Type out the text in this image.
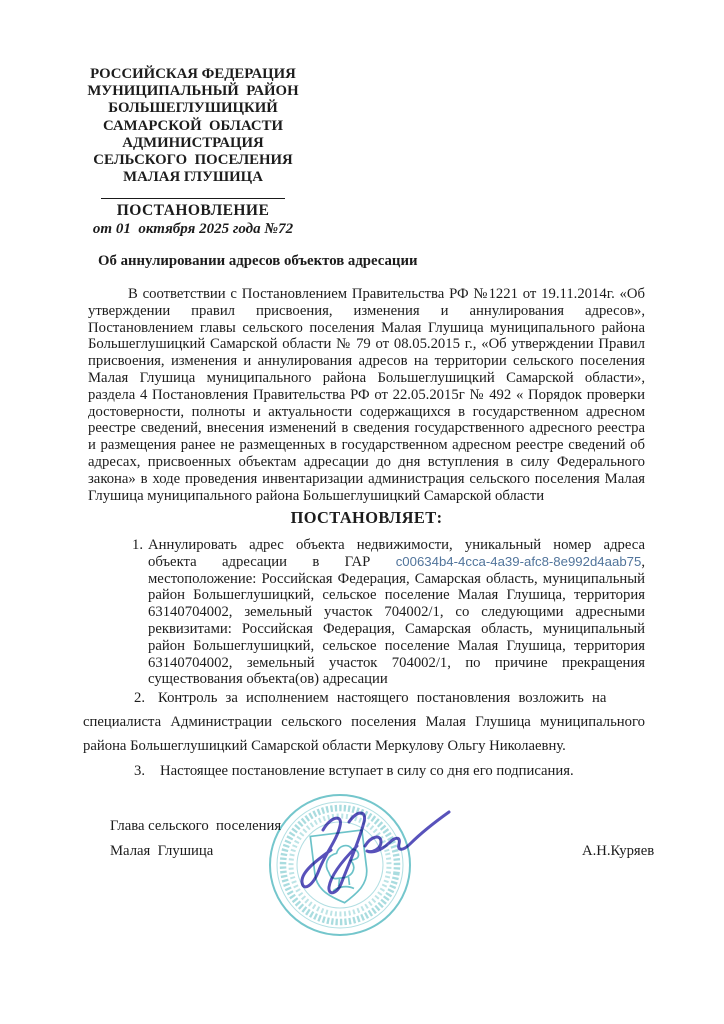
РОССИЙСКАЯ ФЕДЕРАЦИЯ
МУНИЦИПАЛЬНЫЙ  РАЙОН
БОЛЬШЕГЛУШИЦКИЙ
САМАРСКОЙ  ОБЛАСТИ
АДМИНИСТРАЦИЯ
СЕЛЬСКОГО  ПОСЕЛЕНИЯ
МАЛАЯ ГЛУШИЦА
ПОСТАНОВЛЕНИЕ
от 01  октября 2025 года №72
Об аннулировании адресов объектов адресации

В соответствии с Постановлением Правительства РФ №1221 от 19.11.2014г. «Об утверждении правил присвоения, изменения и аннулирования адресов», Постановлением главы сельского поселения Малая Глушица муниципального района Большеглушицкий Самарской области № 79 от 08.05.2015 г., «Об утверждении Правил присвоения, изменения и аннулирования адресов на территории сельского поселения Малая Глушица муниципального района Большеглушицкий Самарской области», раздела 4 Постановления Правительства РФ от 22.05.2015г № 492 « Порядок проверки достоверности, полноты и актуальности содержащихся в государственном адресном реестре сведений, внесения изменений в сведения государственного адресного реестра и размещения ранее не размещенных в государственном адресном реестре сведений об адресах, присвоенных объектам адресации до дня вступления в силу Федерального закона» в ходе проведения инвентаризации администрация сельского поселения Малая Глушица муниципального района Большеглушицкий Самарской области

ПОСТАНОВЛЯЕТ:
1. Аннулировать адрес объекта недвижимости, уникальный номер адреса объекта адресации в ГАР c00634b4-4cca-4a39-afc8-8e992d4aab75, местоположение: Российская Федерация, Самарская область, муниципальный район Большеглушицкий, сельское поселение Малая Глушица, территория 63140704002, земельный участок 704002/1, со следующими адресными реквизитами: Российская Федерация, Самарская область, муниципальный район Большеглушицкий, сельское поселение Малая Глушица, территория 63140704002, земельный участок 704002/1, по причине прекращения существования объекта(ов) адресации
2. Контроль за исполнением настоящего постановления возложить на

специалиста Администрации сельского поселения Малая Глушица муниципального района Большеглушицкий Самарской области Меркулову Ольгу Николаевну.

3. Настоящее постановление вступает в силу со дня его подписания.
Глава сельского  поселения
Малая  Глушица	А.Н.Куряев
